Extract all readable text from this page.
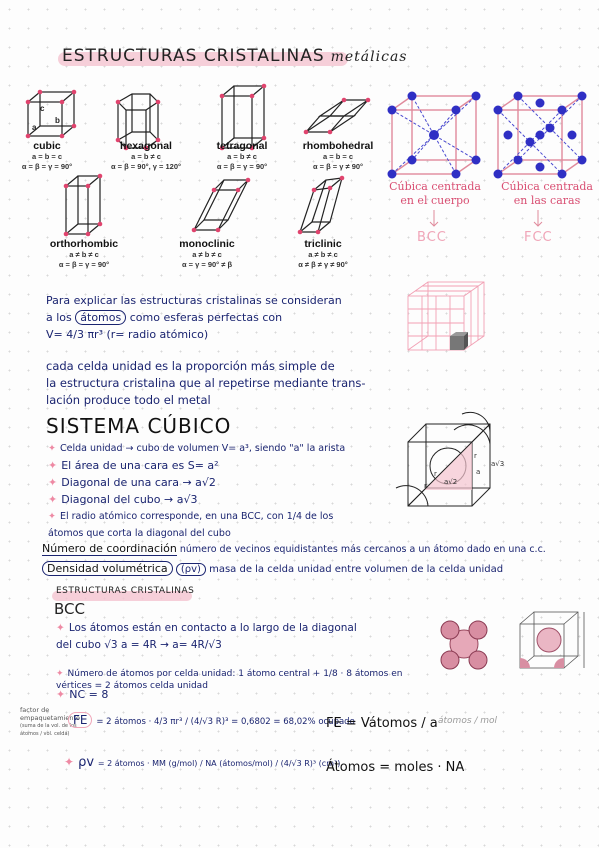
ESTRUCTURAS CRISTALINAS metálicas
c
b
a
cubic
a = b = c
α = β = γ = 90°
hexagonal
a = b ≠ c
α = β = 90°, γ = 120°
tetragonal
a = b ≠ c
α = β = γ = 90°
rhombohedral
a = b = c
α = β = γ ≠ 90°
orthorhombic
a ≠ b ≠ c
α = β = γ = 90°
monoclinic
a ≠ b ≠ c
α = γ = 90° ≠ β
triclinic
a ≠ b ≠ c
α ≠ β ≠ γ ≠ 90°
Cúbica centrada en el cuerpo
Cúbica centrada en las caras
BCC	FCC
Para explicar las estructuras cristalinas se consideran
a los átomos como esferas perfectas con
V= 4/3 πr³ (r= radio atómico)
cada celda unidad es la proporción más simple de
la estructura cristalina que al repetirse mediante trans-
lación produce todo el metal
SISTEMA CÚBICO
✦ Celda unidad → cubo de volumen V= a³, siendo "a" la arista
✦ El área de una cara es S= a²
✦ Diagonal de una cara → a√2
✦ Diagonal del cubo → a√3
✦ El radio atómico corresponde, en una BCC, con 1/4 de los
átomos que corta la diagonal del cubo
r
r
r
a√2
a
a√3
Número de coordinación número de vecinos equidistantes más cercanos a un átomo dado en una c.c.
Densidad volumétrica (ρv) masa de la celda unidad entre volumen de la celda unidad
ESTRUCTURAS CRISTALINAS
BCC
✦ Los átomos están en contacto a lo largo de la diagonal
del cubo √3 a = 4R → a= 4R/√3
✦ Número de átomos por celda unidad: 1 átomo central + 1/8 · 8 átomos en vértices = 2 átomos celda unidad
✦ NC = 8
factor de empaquetamiento
(suma de la vol. de los átomos / vol. celda)
FE = 2 átomos · 4/3 πr³ / (4/√3 R)³ = 0,6802 = 68,02% ocupado
✦ ρv = 2 átomos · MM (g/mol) / NA (átomos/mol) / (4/√3 R)³ (cm³)
FE = Vátomos / a átomos / mol
Átomos = moles · NA
